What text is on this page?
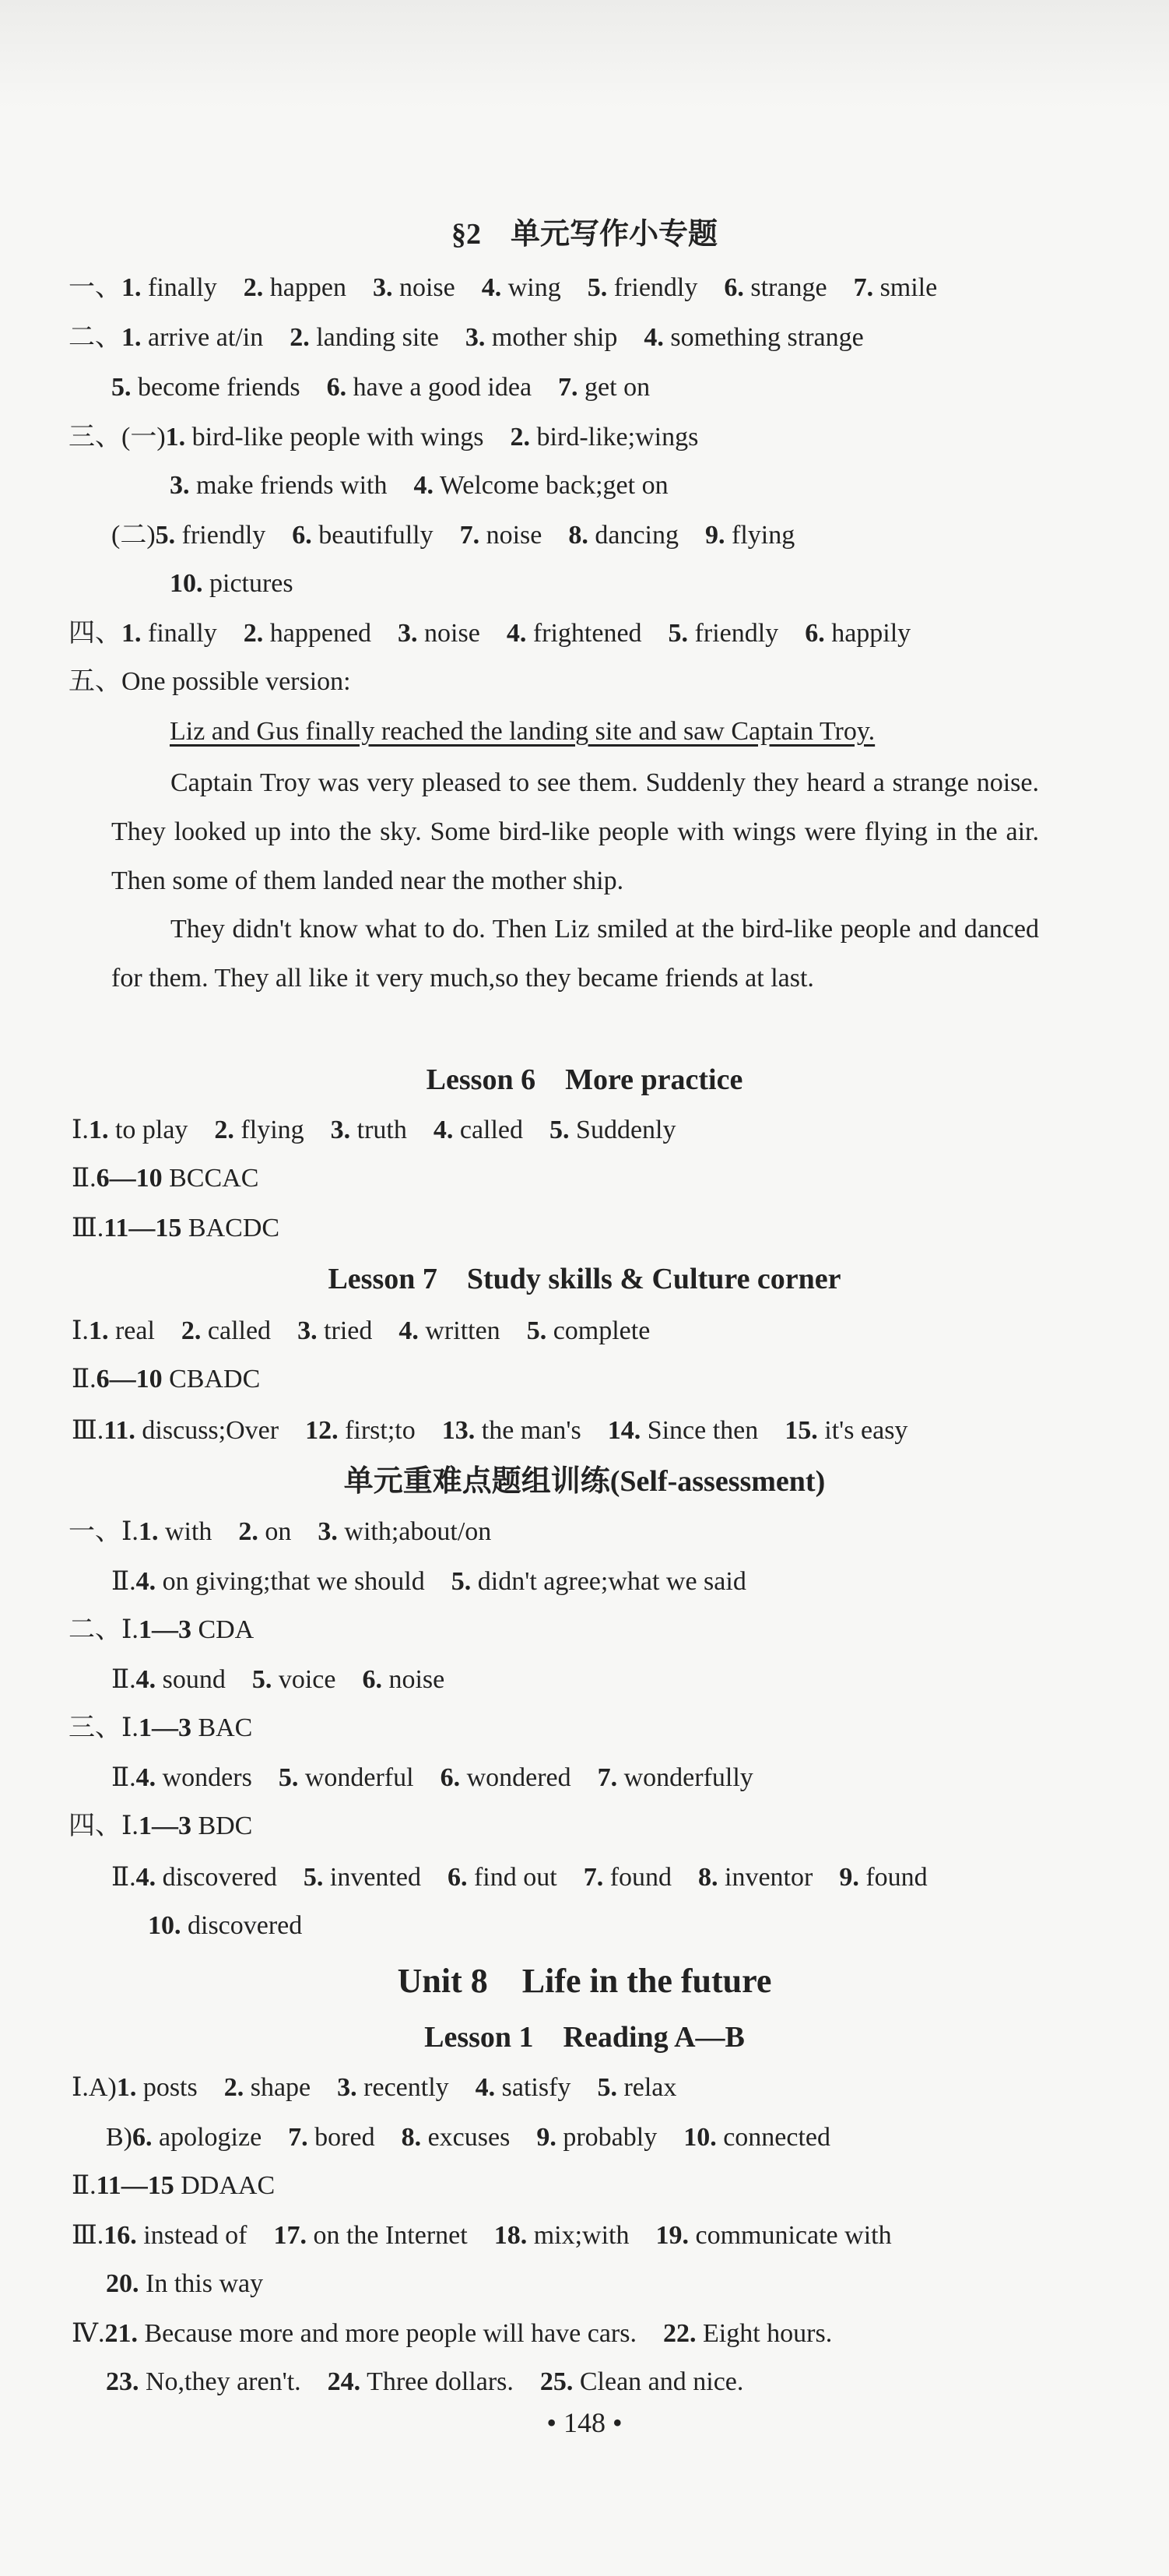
§2　单元写作小专题
一、1. finally  2. happen  3. noise  4. wing  5. friendly  6. strange  7. smile
二、1. arrive at/in  2. landing site  3. mother ship  4. something strange
5. become friends  6. have a good idea  7. get on
三、(一)1. bird-like people with wings  2. bird-like;wings
3. make friends with  4. Welcome back;get on
(二)5. friendly  6. beautifully  7. noise  8. dancing  9. flying
10. pictures
四、1. finally  2. happened  3. noise  4. frightened  5. friendly  6. happily
五、One possible version:
Liz and Gus finally reached the landing site and saw Captain Troy.
Captain Troy was very pleased to see them. Suddenly they heard a strange noise. They looked up into the sky. Some bird-like people with wings were flying in the air. Then some of them landed near the mother ship.
They didn't know what to do. Then Liz smiled at the bird-like people and danced for them. They all like it very much,so they became friends at last.
Lesson 6　More practice
Ⅰ.1. to play  2. flying  3. truth  4. called  5. Suddenly
Ⅱ.6—10 BCCAC
Ⅲ.11—15 BACDC
Lesson 7　Study skills & Culture corner
Ⅰ.1. real  2. called  3. tried  4. written  5. complete
Ⅱ.6—10 CBADC
Ⅲ.11. discuss;Over  12. first;to  13. the man's  14. Since then  15. it's easy
单元重难点题组训练(Self-assessment)
一、Ⅰ.1. with  2. on  3. with;about/on
Ⅱ.4. on giving;that we should  5. didn't agree;what we said
二、Ⅰ.1—3 CDA
Ⅱ.4. sound  5. voice  6. noise
三、Ⅰ.1—3 BAC
Ⅱ.4. wonders  5. wonderful  6. wondered  7. wonderfully
四、Ⅰ.1—3 BDC
Ⅱ.4. discovered  5. invented  6. find out  7. found  8. inventor  9. found
10. discovered
Unit 8　Life in the future
Lesson 1　Reading A—B
Ⅰ.A)1. posts  2. shape  3. recently  4. satisfy  5. relax
B)6. apologize  7. bored  8. excuses  9. probably  10. connected
Ⅱ.11—15 DDAAC
Ⅲ.16. instead of  17. on the Internet  18. mix;with  19. communicate with
20. In this way
Ⅳ.21. Because more and more people will have cars.  22. Eight hours.
23. No,they aren't.  24. Three dollars.  25. Clean and nice.
• 148 •
